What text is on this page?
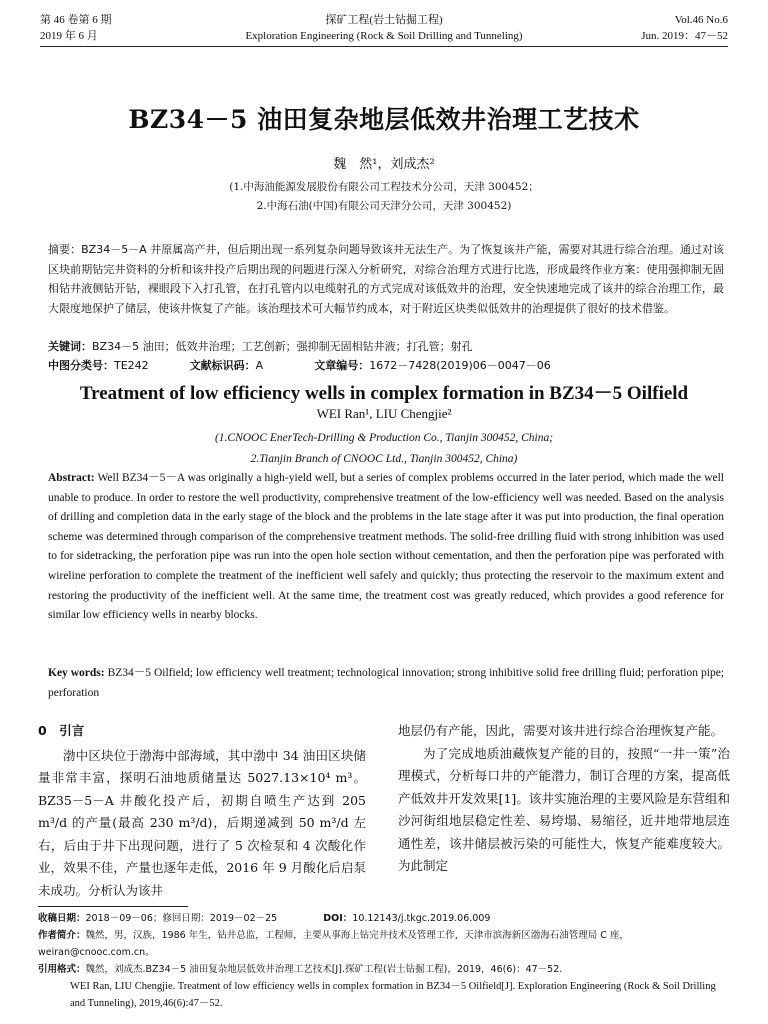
第 46 卷第 6 期
2019 年 6 月
探矿工程(岩土钻掘工程)
Exploration Engineering (Rock & Soil Drilling and Tunneling)
Vol.46 No.6
Jun. 2019：47－52
BZ34－5 油田复杂地层低效井治理工艺技术
魏　然¹，刘成杰²
(1.中海油能源发展股份有限公司工程技术分公司，天津 300452；
2.中海石油(中国)有限公司天津分公司，天津 300452)
摘要：BZ34－5－A 井原属高产井，但后期出现一系列复杂问题导致该井无法生产。为了恢复该井产能，需要对其进行综合治理。通过对该区块前期钻完井资料的分析和该井投产后期出现的问题进行深入分析研究，对综合治理方式进行比选，形成最终作业方案：使用强抑制无固相钻井液侧钻开钻，裸眼段下入打孔管，在打孔管内以电缆射孔的方式完成对该低效井的治理，安全快速地完成了该井的综合治理工作，最大限度地保护了储层，使该井恢复了产能。该治理技术可大幅节约成本，对于附近区块类似低效井的治理提供了很好的技术借鉴。
关键词：BZ34－5 油田；低效井治理；工艺创新；强抑制无固相钻井液；打孔管；射孔
中图分类号：TE242	文献标识码：A	文章编号：1672－7428(2019)06－0047－06
Treatment of low efficiency wells in complex formation in BZ34－5 Oilfield
WEI Ran¹, LIU Chengjie²
(1.CNOOC EnerTech-Drilling & Production Co., Tianjin 300452, China;
2.Tianjin Branch of CNOOC Ltd., Tianjin 300452, China)
Abstract: Well BZ34－5－A was originally a high-yield well, but a series of complex problems occurred in the later period, which made the well unable to produce. In order to restore the well productivity, comprehensive treatment of the low-efficiency well was needed. Based on the analysis of drilling and completion data in the early stage of the block and the problems in the late stage after it was put into production, the final operation scheme was determined through comparison of the comprehensive treatment methods. The solid-free drilling fluid with strong inhibition was used to for sidetracking, the perforation pipe was run into the open hole section without cementation, and then the perforation pipe was perforated with wireline perforation to complete the treatment of the inefficient well safely and quickly; thus protecting the reservoir to the maximum extent and restoring the productivity of the inefficient well. At the same time, the treatment cost was greatly reduced, which provides a good reference for similar low efficiency wells in nearby blocks.
Key words: BZ34－5 Oilfield; low efficiency well treatment; technological innovation; strong inhibitive solid free drilling fluid; perforation pipe; perforation
0　引言

渤中区块位于渤海中部海域，其中渤中 34 油田区块储量非常丰富，探明石油地质储量达 5027.13×10⁴ m³。BZ35－5－A 井酸化投产后，初期自喷生产达到 205 m³/d 的产量(最高 230 m³/d)，后期递减到 50 m³/d 左右，后由于井下出现问题，进行了 5 次检泵和 4 次酸化作业，效果不佳，产量也逐年走低，2016 年 9 月酸化后启泵未成功。分析认为该井

地层仍有产能，因此，需要对该井进行综合治理恢复产能。

为了完成地质油藏恢复产能的目的，按照“一井一策”治理模式，分析每口井的产能潜力，制订合理的方案，提高低产低效井开发效果[1]。该井实施治理的主要风险是东营组和沙河街组地层稳定性差、易垮塌、易缩径，近井地带地层连通性差，该井储层被污染的可能性大，恢复产能难度较大。为此制定

收稿日期：2018－09－06；修回日期：2019－02－25	DOI：10.12143/j.tkgc.2019.06.009
作者简介：魏然，男，汉族，1986 年生，钻井总监，工程师，主要从事海上钻完井技术及管理工作，天津市滨海新区渤海石油管理局 C 座，weiran@cnooc.com.cn。
引用格式：魏然，刘成杰.BZ34－5 油田复杂地层低效井治理工艺技术[J].探矿工程(岩土钻掘工程)，2019，46(6)：47－52.
WEI Ran, LIU Chengjie. Treatment of low efficiency wells in complex formation in BZ34－5 Oilfield[J]. Exploration Engineering (Rock & Soil Drilling and Tunneling), 2019,46(6):47－52.
